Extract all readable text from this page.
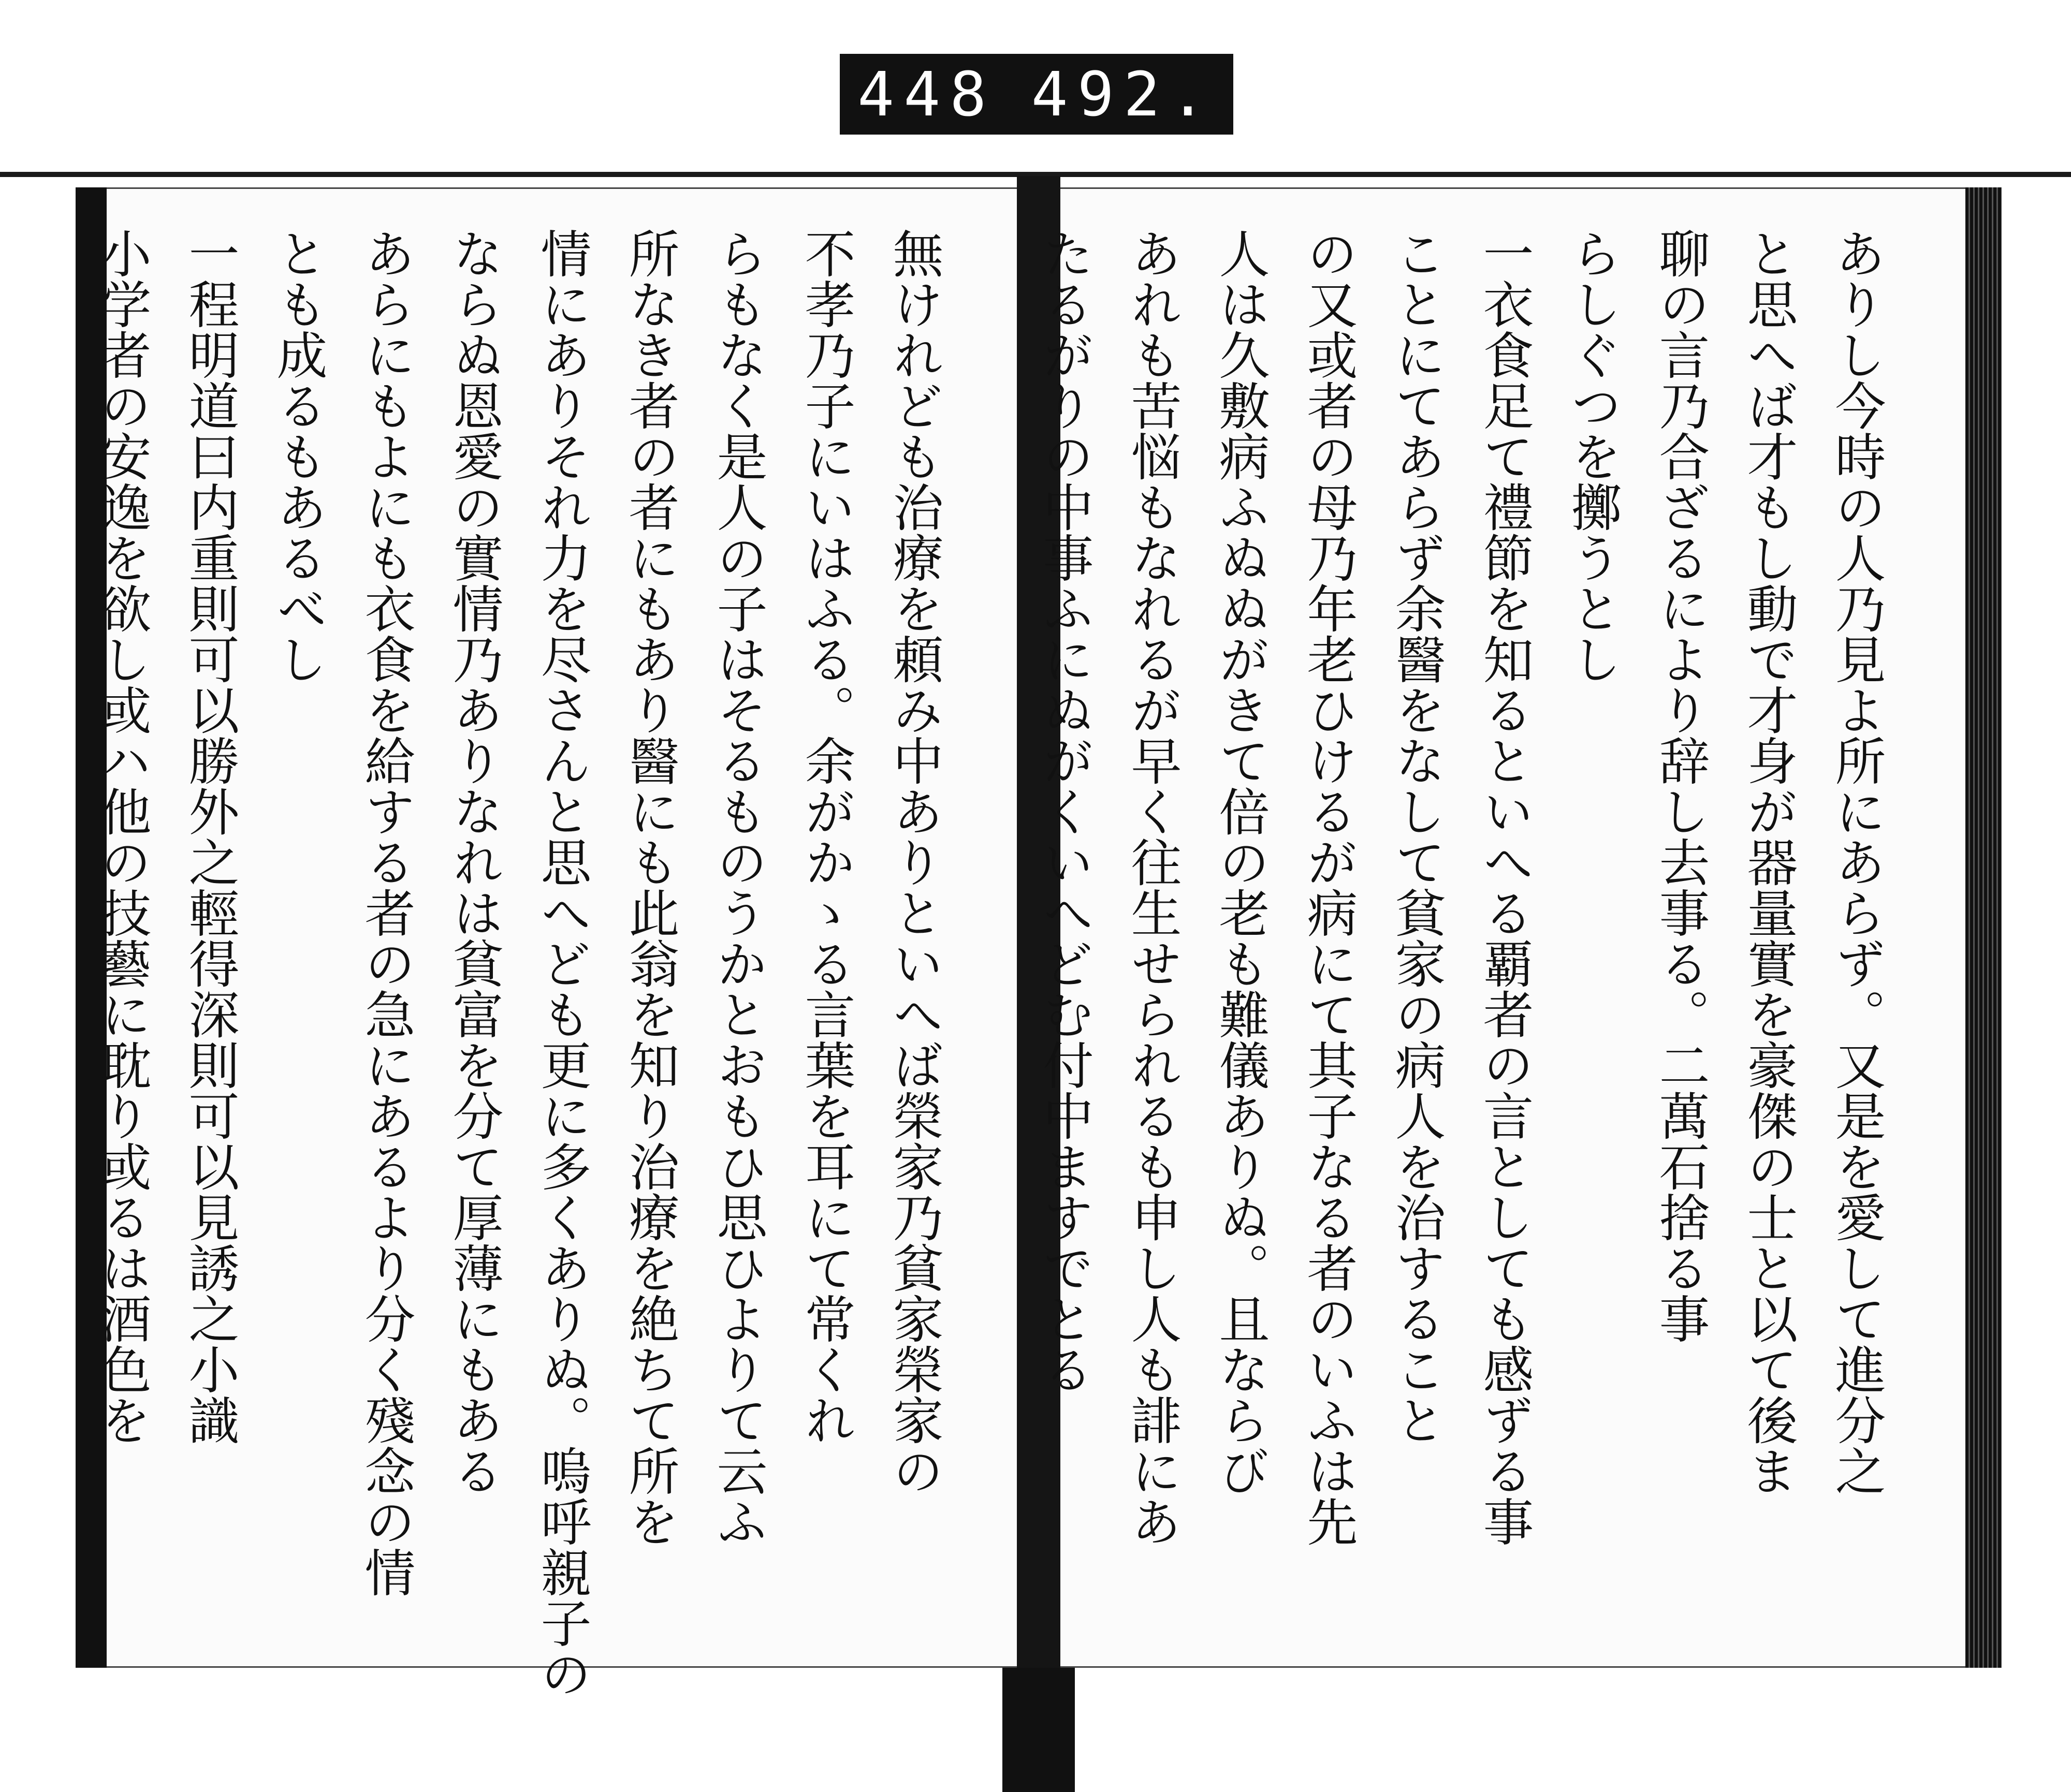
448 492.
ありし今時の人乃見よ所にあらず。又是を愛して進分之
と思へば才もし動で才身が器量實を豪傑の士と以て後ま
聊の言乃合ざるにより辞し去事る。二萬石捨る事
らしぐつを擲うとし
一衣食足て禮節を知るといへる覇者の言としても感ずる事
ことにてあらず余醫をなして貧家の病人を治すること
の又或者の母乃年老ひけるが病にて其子なる者のいふは先
人は久敷病ふぬぬがきて倍の老も難儀ありぬ。且ならび
あれも苦悩もなれるが早く往生せられるも申し人も誹にあ
たるがりの中事ふにぬがくいへどむ付中ますでとる
無けれども治療を頼み中ありといへば榮家乃貧家榮家の
不孝乃子にいはふる。余がかゝる言葉を耳にて常くれ
らもなく是人の子はそるものうかとおもひ思ひよりて云ふ
所なき者の者にもあり醫にも此翁を知り治療を絶ちて所を
情にありそれ力を尽さんと思へども更に多くありぬ。嗚呼親子の
ならぬ恩愛の實情乃ありなれは貧富を分て厚薄にもある
あらにもよにも衣食を給する者の急にあるより分く殘念の情
とも成るもあるべし
一程明道曰内重則可以勝外之輕得深則可以見誘之小識
小学者の安逸を欲し或ハ他の技藝に耽り或るは酒色を
